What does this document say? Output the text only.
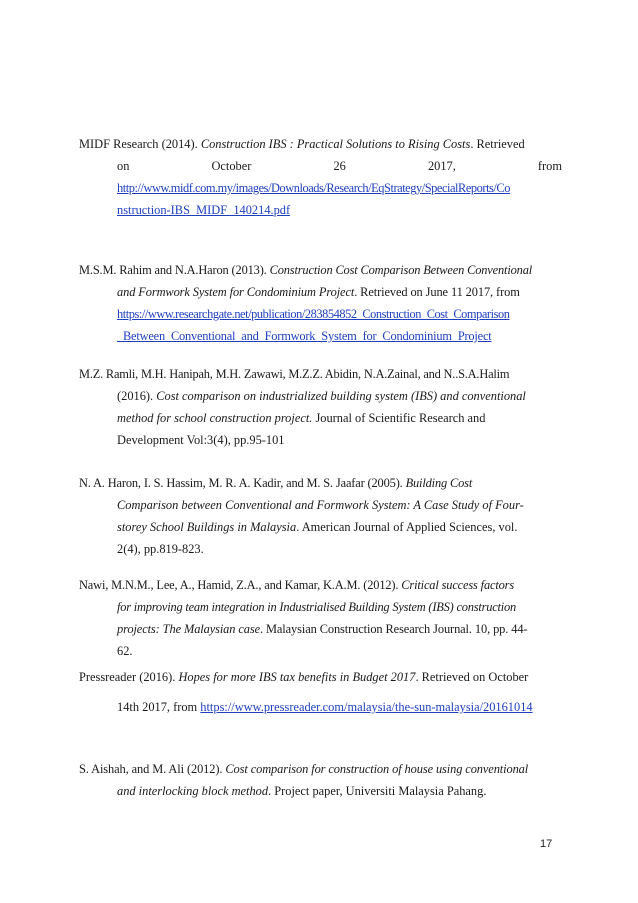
MIDF Research (2014). Construction IBS : Practical Solutions to Rising Costs. Retrieved
on	October	26	2017,	from
http://www.midf.com.my/images/Downloads/Research/EqStrategy/SpecialReports/Co
nstruction-IBS_MIDF_140214.pdf
M.S.M. Rahim and N.A.Haron (2013). Construction Cost Comparison Between Conventional
and Formwork System for Condominium Project. Retrieved on June 11 2017, from
https://www.researchgate.net/publication/283854852_Construction_Cost_Comparison
_Between_Conventional_and_Formwork_System_for_Condominium_Project
M.Z. Ramli, M.H. Hanipah, M.H. Zawawi, M.Z.Z. Abidin, N.A.Zainal, and N..S.A.Halim
(2016). Cost comparison on industrialized building system (IBS) and conventional
method for school construction project. Journal of Scientific Research and
Development Vol:3(4), pp.95-101
N. A. Haron, I. S. Hassim, M. R. A. Kadir, and M. S. Jaafar (2005). Building Cost
Comparison between Conventional and Formwork System: A Case Study of Four-
storey School Buildings in Malaysia. American Journal of Applied Sciences, vol.
2(4), pp.819-823.
Nawi, M.N.M., Lee, A., Hamid, Z.A., and Kamar, K.A.M. (2012). Critical success factors
for improving team integration in Industrialised Building System (IBS) construction
projects: The Malaysian case. Malaysian Construction Research Journal. 10, pp. 44-
62.
Pressreader (2016). Hopes for more IBS tax benefits in Budget 2017. Retrieved on October
14th 2017, from https://www.pressreader.com/malaysia/the-sun-malaysia/20161014
S. Aishah, and M. Ali (2012). Cost comparison for construction of house using conventional
and interlocking block method. Project paper, Universiti Malaysia Pahang.
17
